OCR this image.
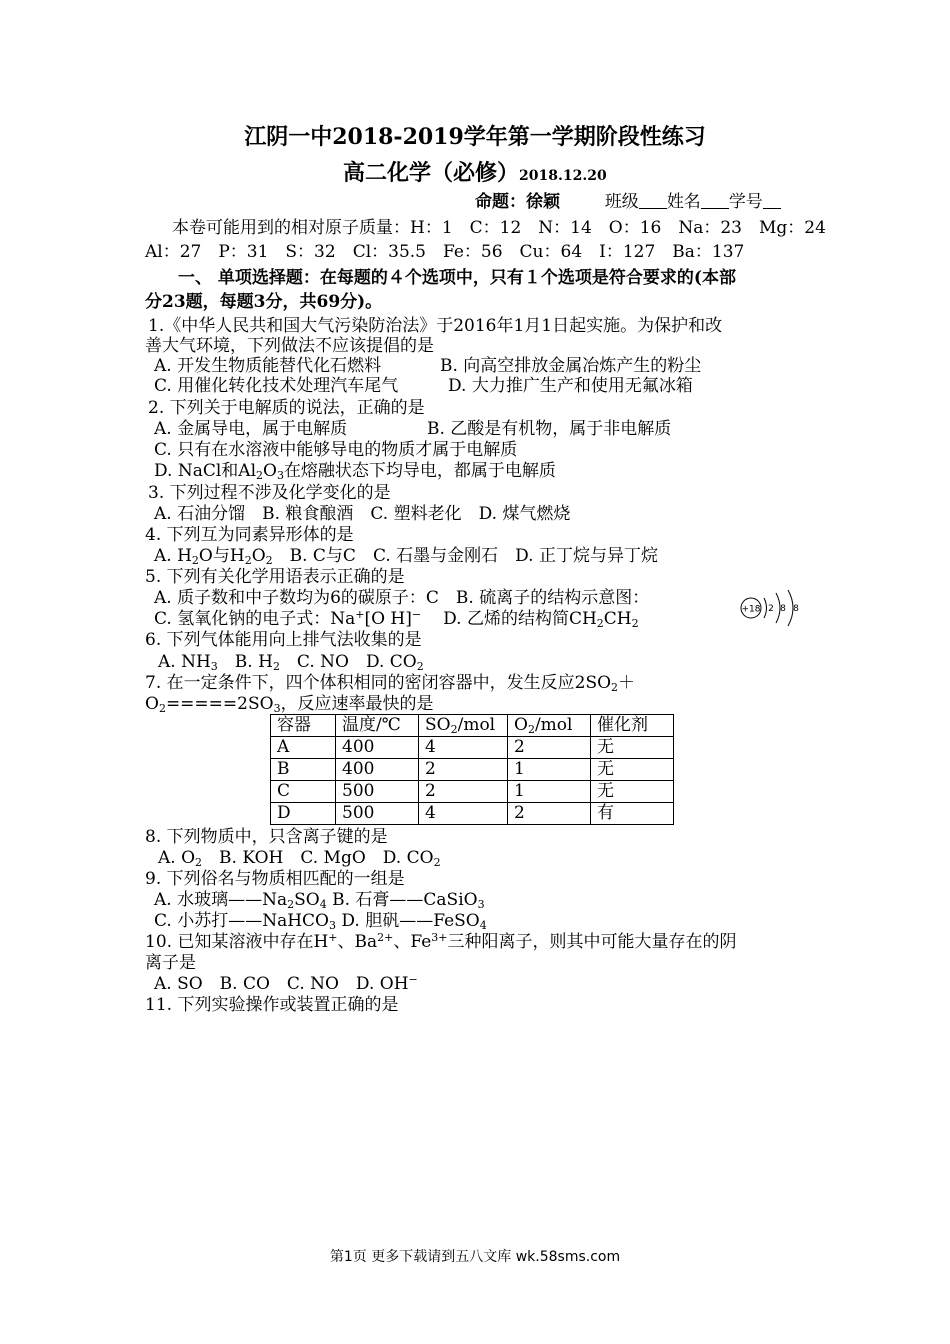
江阴一中2018-2019学年第一学期阶段性练习
高二化学（必修）2018.12.20
命题：徐颖	班级 姓名 学号
本卷可能用到的相对原子质量：H：1　C：12　N：14　O：16　Na：23　Mg：24
Al：27　P：31　S：32　Cl：35.5　Fe：56　Cu：64　I：127　Ba：137
一、 单项选择题：在每题的４个选项中，只有１个选项是符合要求的(本部
分23题，每题3分，共69分)。
1.《中华人民共和国大气污染防治法》于2016年1月1日起实施。为保护和改
善大气环境，下列做法不应该提倡的是
A. 开发生物质能替代化石燃料	B. 向高空排放金属冶炼产生的粉尘
C. 用催化转化技术处理汽车尾气	D. 大力推广生产和使用无氟冰箱
2. 下列关于电解质的说法，正确的是
A. 金属导电，属于电解质	B. 乙酸是有机物，属于非电解质
C. 只有在水溶液中能够导电的物质才属于电解质
D. NaCl和$Al_2O_3$在熔融状态下均导电，都属于电解质
3. 下列过程不涉及化学变化的是
A. 石油分馏　B. 粮食酿酒　C. 塑料老化　D. 煤气燃烧
4. 下列互为同素异形体的是
A. $H_2O$与$H_2O_2$　B. C与C　C. 石墨与金刚石　D. 正丁烷与异丁烷
5. 下列有关化学用语表示正确的是
A. 质子数和中子数均为6的碳原子：C　B. 硫离子的结构示意图：
C. 氢氧化钠的电子式：Na+[O H]− D. 乙烯的结构简$CH_2CH_2$
+18 2 8 8
6. 下列气体能用向上排气法收集的是
A. $NH_3$　B. $H_2$　C. NO　D. $CO_2$
7. 在一定条件下，四个体积相同的密闭容器中，发生反应$2SO_2+$
$O_2=====2SO_3$，反应速率最快的是
容器	温度/℃	$SO_2$/mol	$O_2$/mol	催化剂
A	400	4	2	无
B	400	2	1	无
C	500	2	1	无
D	500	4	2	有
8. 下列物质中，只含离子键的是
A. $O_2$　B. KOH　C. MgO　D. $CO_2$
9. 下列俗名与物质相匹配的一组是
A. 水玻璃$——Na_2SO_4$ B. 石膏——CaSiO$_3$
C. 小苏打——NaHCO$_3$ D. 胆矾——FeSO$_4$
10. 已知某溶液中存在H+、$Ba^{2+}$、$Fe^{3+}$三种阳离子，则其中可能大量存在的阴
离子是
A. SO　B. CO　C. NO　D. OH−
11. 下列实验操作或装置正确的是
第1页 更多下载请到五八文库 wk.58sms.com
